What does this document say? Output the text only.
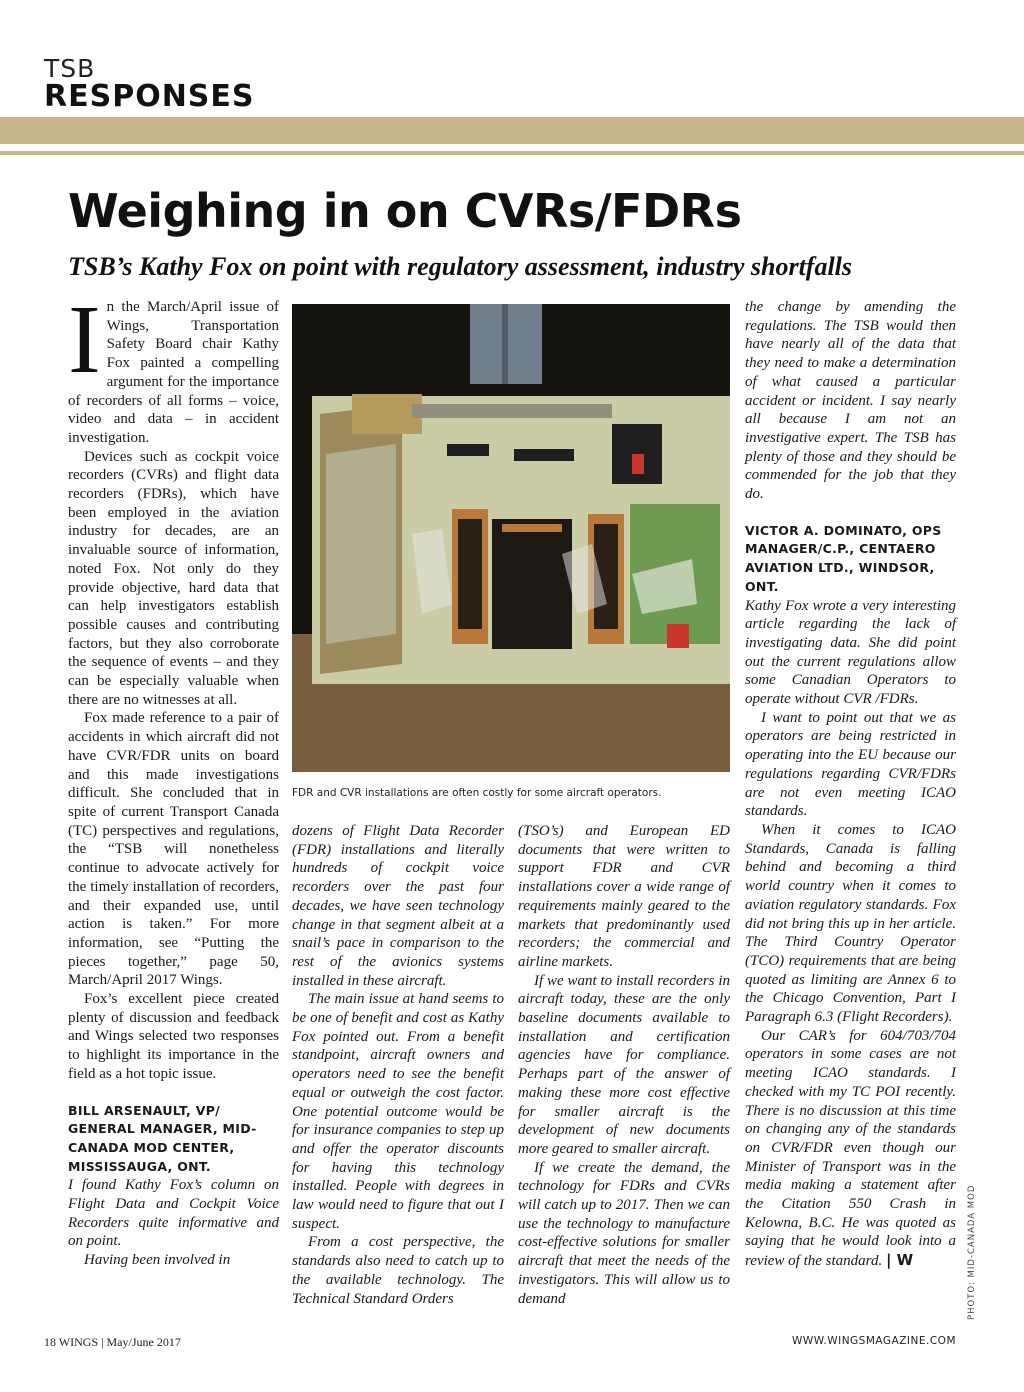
TSB
RESPONSES
Weighing in on CVRs/FDRs
TSB’s Kathy Fox on point with regulatory assessment, industry shortfalls

In the March/April issue of Wings, Transportation Safety Board chair Kathy Fox painted a compelling argument for the importance of recorders of all forms – voice, video and data – in accident investigation.

Devices such as cockpit voice recorders (CVRs) and flight data recorders (FDRs), which have been employed in the aviation industry for decades, are an invaluable source of information, noted Fox. Not only do they provide objective, hard data that can help investigators establish possible causes and contributing factors, but they also corroborate the sequence of events – and they can be especially valuable when there are no witnesses at all.

Fox made reference to a pair of accidents in which aircraft did not have CVR/FDR units on board and this made investigations difficult. She concluded that in spite of current Transport Canada (TC) perspectives and regulations, the “TSB will nonetheless continue to advocate actively for the timely installation of recorders, and their expanded use, until action is taken.” For more information, see “Putting the pieces together,” page 50, March/April 2017 Wings.

Fox’s excellent piece created plenty of discussion and feedback and Wings selected two responses to highlight its importance in the field as a hot topic issue.

BILL ARSENAULT, VP/ GENERAL MANAGER, MID-CANADA MOD CENTER, MISSISSAUGA, ONT.

I found Kathy Fox’s column on Flight Data and Cockpit Voice Recorders quite informative and on point.

Having been involved in

FDR and CVR installations are often costly for some aircraft operators.

dozens of Flight Data Recorder (FDR) installations and literally hundreds of cockpit voice recorders over the past four decades, we have seen technology change in that segment albeit at a snail’s pace in comparison to the rest of the avionics systems installed in these aircraft.

The main issue at hand seems to be one of benefit and cost as Kathy Fox pointed out. From a benefit standpoint, aircraft owners and operators need to see the benefit equal or outweigh the cost factor. One potential outcome would be for insurance companies to step up and offer the operator discounts for having this technology installed. People with degrees in law would need to figure that out I suspect.

From a cost perspective, the standards also need to catch up to the available technology. The Technical Standard Orders

(TSO’s) and European ED documents that were written to support FDR and CVR installations cover a wide range of requirements mainly geared to the markets that predominantly used recorders; the commercial and airline markets.

If we want to install recorders in aircraft today, these are the only baseline documents available to installation and certification agencies have for compliance. Perhaps part of the answer of making these more cost effective for smaller aircraft is the development of new documents more geared to smaller aircraft.

If we create the demand, the technology for FDRs and CVRs will catch up to 2017. Then we can use the technology to manufacture cost-effective solutions for smaller aircraft that meet the needs of the investigators. This will allow us to demand

the change by amending the regulations. The TSB would then have nearly all of the data that they need to make a determination of what caused a particular accident or incident. I say nearly all because I am not an investigative expert. The TSB has plenty of those and they should be commended for the job that they do.

VICTOR A. DOMINATO, OPS MANAGER/C.P., CENTAERO AVIATION LTD., WINDSOR, ONT.

Kathy Fox wrote a very interesting article regarding the lack of investigating data. She did point out the current regulations allow some Canadian Operators to operate without CVR /FDRs.

I want to point out that we as operators are being restricted in operating into the EU because our regulations regarding CVR/FDRs are not even meeting ICAO standards.

When it comes to ICAO Standards, Canada is falling behind and becoming a third world country when it comes to aviation regulatory standards. Fox did not bring this up in her article. The Third Country Operator (TCO) requirements that are being quoted as limiting are Annex 6 to the Chicago Convention, Part I Paragraph 6.3 (Flight Recorders).

Our CAR’s for 604/703/704 operators in some cases are not meeting ICAO standards. I checked with my TC POI recently. There is no discussion at this time on changing any of the standards on CVR/FDR even though our Minister of Transport was in the media making a statement after the Citation 550 Crash in Kelowna, B.C. He was quoted as saying that he would look into a review of the standard. | W	PHOTO: MID-CANADA MOD
18 WINGS | May/June 2017	WWW.WINGSMAGAZINE.COM
